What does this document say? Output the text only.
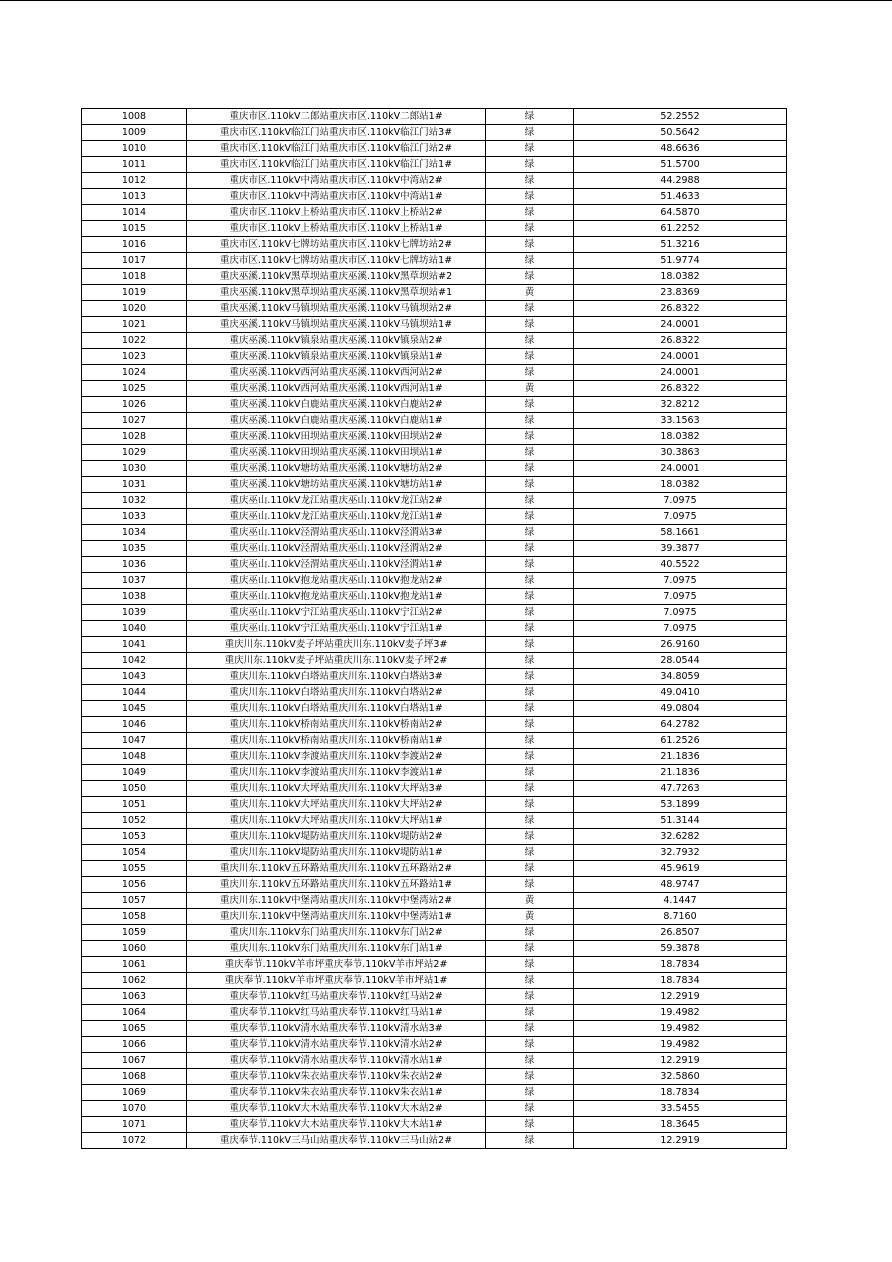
1008	重庆市区.110kV二郎站重庆市区.110kV二郎站1#	绿	52.2552
1009	重庆市区.110kV临江门站重庆市区.110kV临江门站3#	绿	50.5642
1010	重庆市区.110kV临江门站重庆市区.110kV临江门站2#	绿	48.6636
1011	重庆市区.110kV临江门站重庆市区.110kV临江门站1#	绿	51.5700
1012	重庆市区.110kV中湾站重庆市区.110kV中湾站2#	绿	44.2988
1013	重庆市区.110kV中湾站重庆市区.110kV中湾站1#	绿	51.4633
1014	重庆市区.110kV上桥站重庆市区.110kV上桥站2#	绿	64.5870
1015	重庆市区.110kV上桥站重庆市区.110kV上桥站1#	绿	61.2252
1016	重庆市区.110kV七牌坊站重庆市区.110kV七牌坊站2#	绿	51.3216
1017	重庆市区.110kV七牌坊站重庆市区.110kV七牌坊站1#	绿	51.9774
1018	重庆巫溪.110kV黑草坝站重庆巫溪.110kV黑草坝站#2	绿	18.0382
1019	重庆巫溪.110kV黑草坝站重庆巫溪.110kV黑草坝站#1	黄	23.8369
1020	重庆巫溪.110kV马镇坝站重庆巫溪.110kV马镇坝站2#	绿	26.8322
1021	重庆巫溪.110kV马镇坝站重庆巫溪.110kV马镇坝站1#	绿	24.0001
1022	重庆巫溪.110kV镇泉站重庆巫溪.110kV镇泉站2#	绿	26.8322
1023	重庆巫溪.110kV镇泉站重庆巫溪.110kV镇泉站1#	绿	24.0001
1024	重庆巫溪.110kV西河站重庆巫溪.110kV西河站2#	绿	24.0001
1025	重庆巫溪.110kV西河站重庆巫溪.110kV西河站1#	黄	26.8322
1026	重庆巫溪.110kV白鹿站重庆巫溪.110kV白鹿站2#	绿	32.8212
1027	重庆巫溪.110kV白鹿站重庆巫溪.110kV白鹿站1#	绿	33.1563
1028	重庆巫溪.110kV田坝站重庆巫溪.110kV田坝站2#	绿	18.0382
1029	重庆巫溪.110kV田坝站重庆巫溪.110kV田坝站1#	绿	30.3863
1030	重庆巫溪.110kV塘坊站重庆巫溪.110kV塘坊站2#	绿	24.0001
1031	重庆巫溪.110kV塘坊站重庆巫溪.110kV塘坊站1#	绿	18.0382
1032	重庆巫山.110kV龙江站重庆巫山.110kV龙江站2#	绿	7.0975
1033	重庆巫山.110kV龙江站重庆巫山.110kV龙江站1#	绿	7.0975
1034	重庆巫山.110kV泾渭站重庆巫山.110kV泾渭站3#	绿	58.1661
1035	重庆巫山.110kV泾渭站重庆巫山.110kV泾渭站2#	绿	39.3877
1036	重庆巫山.110kV泾渭站重庆巫山.110kV泾渭站1#	绿	40.5522
1037	重庆巫山.110kV抱龙站重庆巫山.110kV抱龙站2#	绿	7.0975
1038	重庆巫山.110kV抱龙站重庆巫山.110kV抱龙站1#	绿	7.0975
1039	重庆巫山.110kV宁江站重庆巫山.110kV宁江站2#	绿	7.0975
1040	重庆巫山.110kV宁江站重庆巫山.110kV宁江站1#	绿	7.0975
1041	重庆川东.110kV麦子坪站重庆川东.110kV麦子坪3#	绿	26.9160
1042	重庆川东.110kV麦子坪站重庆川东.110kV麦子坪2#	绿	28.0544
1043	重庆川东.110kV白塔站重庆川东.110kV白塔站3#	绿	34.8059
1044	重庆川东.110kV白塔站重庆川东.110kV白塔站2#	绿	49.0410
1045	重庆川东.110kV白塔站重庆川东.110kV白塔站1#	绿	49.0804
1046	重庆川东.110kV桥南站重庆川东.110kV桥南站2#	绿	64.2782
1047	重庆川东.110kV桥南站重庆川东.110kV桥南站1#	绿	61.2526
1048	重庆川东.110kV李渡站重庆川东.110kV李渡站2#	绿	21.1836
1049	重庆川东.110kV李渡站重庆川东.110kV李渡站1#	绿	21.1836
1050	重庆川东.110kV大坪站重庆川东.110kV大坪站3#	绿	47.7263
1051	重庆川东.110kV大坪站重庆川东.110kV大坪站2#	绿	53.1899
1052	重庆川东.110kV大坪站重庆川东.110kV大坪站1#	绿	51.3144
1053	重庆川东.110kV堤防站重庆川东.110kV堤防站2#	绿	32.6282
1054	重庆川东.110kV堤防站重庆川东.110kV堤防站1#	绿	32.7932
1055	重庆川东.110kV五环路站重庆川东.110kV五环路站2#	绿	45.9619
1056	重庆川东.110kV五环路站重庆川东.110kV五环路站1#	绿	48.9747
1057	重庆川东.110kV中堡湾站重庆川东.110kV中堡湾站2#	黄	4.1447
1058	重庆川东.110kV中堡湾站重庆川东.110kV中堡湾站1#	黄	8.7160
1059	重庆川东.110kV东门站重庆川东.110kV东门站2#	绿	26.8507
1060	重庆川东.110kV东门站重庆川东.110kV东门站1#	绿	59.3878
1061	重庆奉节.110kV羊市坪重庆奉节.110kV羊市坪站2#	绿	18.7834
1062	重庆奉节.110kV羊市坪重庆奉节.110kV羊市坪站1#	绿	18.7834
1063	重庆奉节.110kV红马站重庆奉节.110kV红马站2#	绿	12.2919
1064	重庆奉节.110kV红马站重庆奉节.110kV红马站1#	绿	19.4982
1065	重庆奉节.110kV清水站重庆奉节.110kV清水站3#	绿	19.4982
1066	重庆奉节.110kV清水站重庆奉节.110kV清水站2#	绿	19.4982
1067	重庆奉节.110kV清水站重庆奉节.110kV清水站1#	绿	12.2919
1068	重庆奉节.110kV朱衣站重庆奉节.110kV朱衣站2#	绿	32.5860
1069	重庆奉节.110kV朱衣站重庆奉节.110kV朱衣站1#	绿	18.7834
1070	重庆奉节.110kV大木站重庆奉节.110kV大木站2#	绿	33.5455
1071	重庆奉节.110kV大木站重庆奉节.110kV大木站1#	绿	18.3645
1072	重庆奉节.110kV三马山站重庆奉节.110kV三马山站2#	绿	12.2919
